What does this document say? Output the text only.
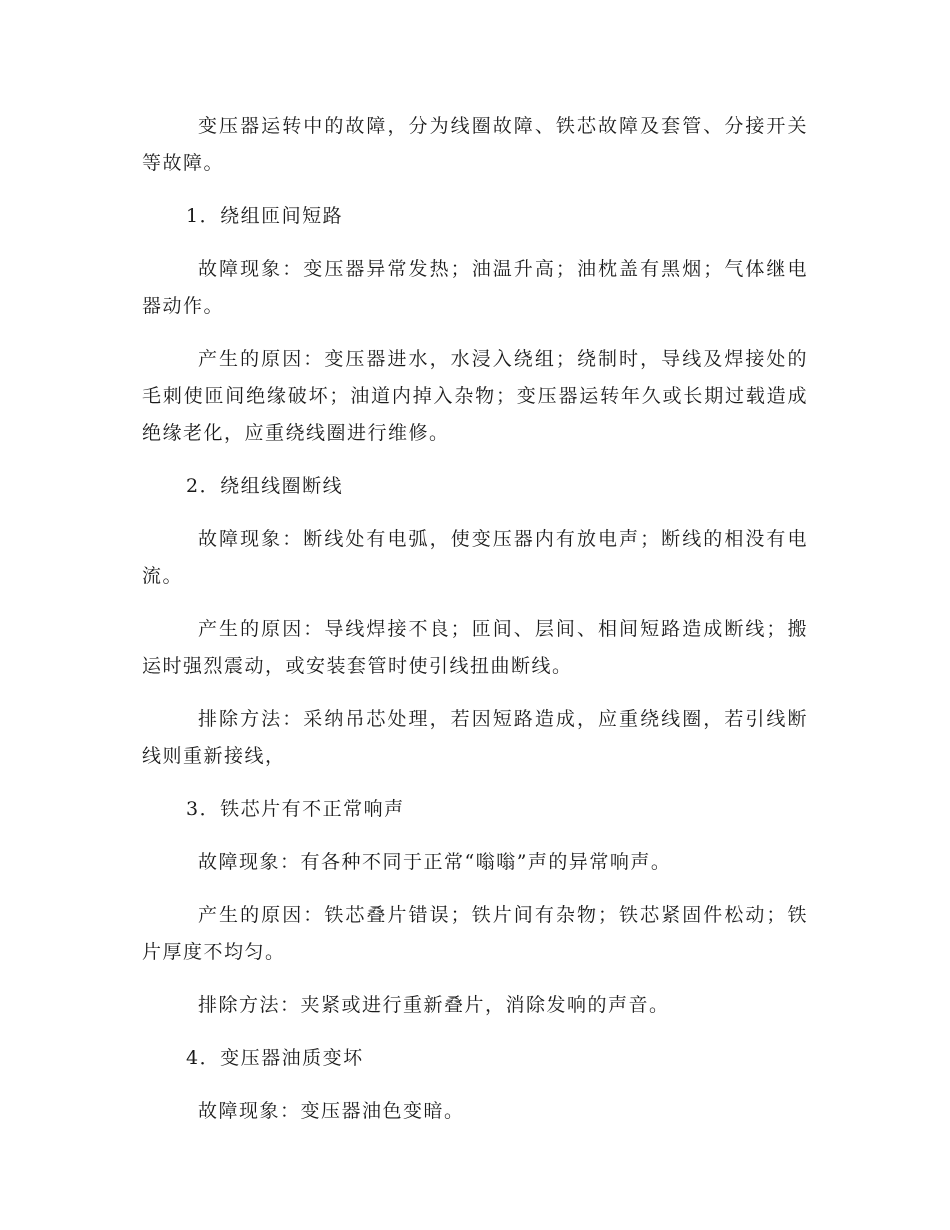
变压器运转中的故障，分为线圈故障、铁芯故障及套管、分接开关等故障。

1．绕组匝间短路

故障现象：变压器异常发热；油温升高；油枕盖有黑烟；气体继电器动作。

产生的原因：变压器进水，水浸入绕组；绕制时，导线及焊接处的毛刺使匝间绝缘破坏；油道内掉入杂物；变压器运转年久或长期过载造成绝缘老化，应重绕线圈进行维修。

2．绕组线圈断线

故障现象：断线处有电弧，使变压器内有放电声；断线的相没有电流。

产生的原因：导线焊接不良；匝间、层间、相间短路造成断线；搬运时强烈震动，或安装套管时使引线扭曲断线。

排除方法：采纳吊芯处理，若因短路造成，应重绕线圈，若引线断线则重新接线，

3．铁芯片有不正常响声

故障现象：有各种不同于正常“嗡嗡”声的异常响声。

产生的原因：铁芯叠片错误；铁片间有杂物；铁芯紧固件松动；铁片厚度不均匀。

排除方法：夹紧或进行重新叠片，消除发响的声音。

4．变压器油质变坏

故障现象：变压器油色变暗。
